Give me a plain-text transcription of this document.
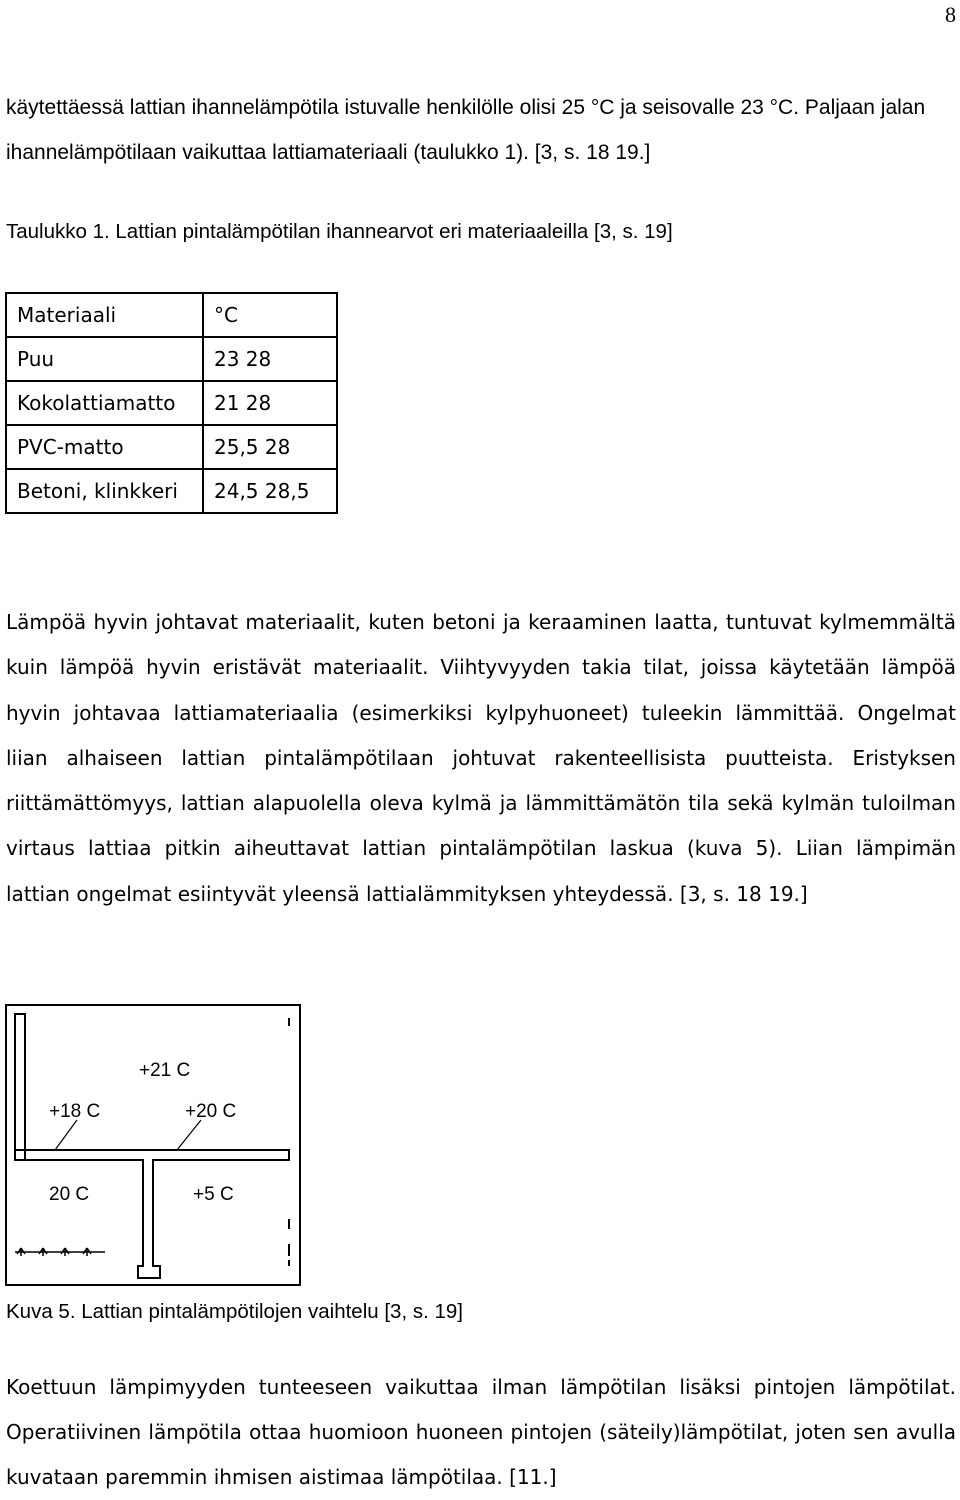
8

käytettäessä lattian ihannelämpötila istuvalle henkilölle olisi 25 °C ja seisovalle 23 °C. Paljaan jalan ihannelämpötilaan vaikuttaa lattiamateriaali (taulukko 1). [3, s. 18 19.]

Taulukko 1. Lattian pintalämpötilan ihannearvot eri materiaaleilla [3, s. 19]

Materiaali	°C
Puu	23 28
Kokolattiamatto	21 28
PVC-matto	25,5 28
Betoni, klinkkeri	24,5 28,5

Lämpöä hyvin johtavat materiaalit, kuten betoni ja keraaminen laatta, tuntuvat kylmemmältä kuin lämpöä hyvin eristävät materiaalit. Viihtyvyyden takia tilat, joissa käytetään lämpöä hyvin johtavaa lattiamateriaalia (esimerkiksi kylpyhuoneet) tuleekin lämmittää. Ongelmat liian alhaiseen lattian pintalämpötilaan johtuvat rakenteellisista puutteista. Eristyksen riittämättömyys, lattian alapuolella oleva kylmä ja lämmittämätön tila sekä kylmän tuloilman virtaus lattiaa pitkin aiheuttavat lattian pintalämpötilan laskua (kuva 5). Liian lämpimän lattian ongelmat esiintyvät yleensä lattialämmityksen yhteydessä. [3, s. 18 19.]

+21 C
+18 C	+20 C
20 C	+5 C

Kuva 5. Lattian pintalämpötilojen vaihtelu [3, s. 19]

Koettuun lämpimyyden tunteeseen vaikuttaa ilman lämpötilan lisäksi pintojen lämpötilat. Operatiivinen lämpötila ottaa huomioon huoneen pintojen (säteily)lämpötilat, joten sen avulla kuvataan paremmin ihmisen aistimaa lämpötilaa. [11.]
